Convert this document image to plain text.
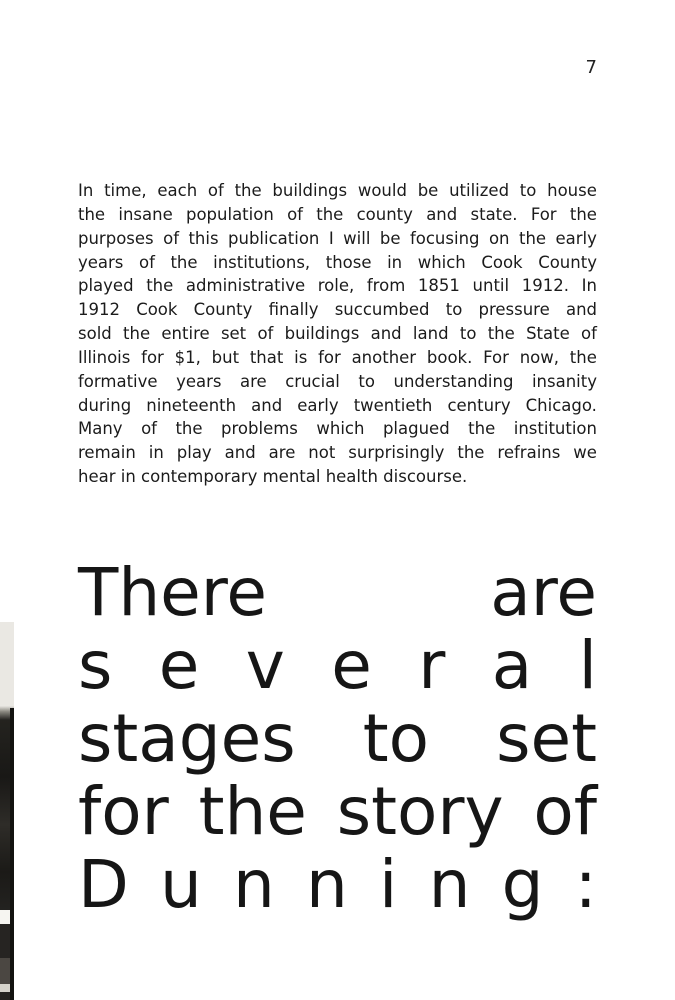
7
In time, each of the buildings would be utilized to house
the insane population of the county and state. For the
purposes of this publication I will be focusing on the early
years of the institutions, those in which Cook County
played the administrative role, from 1851 until 1912. In
1912 Cook County finally succumbed to pressure and
sold the entire set of buildings and land to the State of
Illinois for $1, but that is for another book. For now, the
formative years are crucial to understanding insanity
during nineteenth and early twentieth century Chicago.
Many of the problems which plagued the institution
remain in play and are not surprisingly the refrains we
hear in contemporary mental health discourse.
There	are
s e v e r a l
stages to set
for the story of
D u n n i n g :
